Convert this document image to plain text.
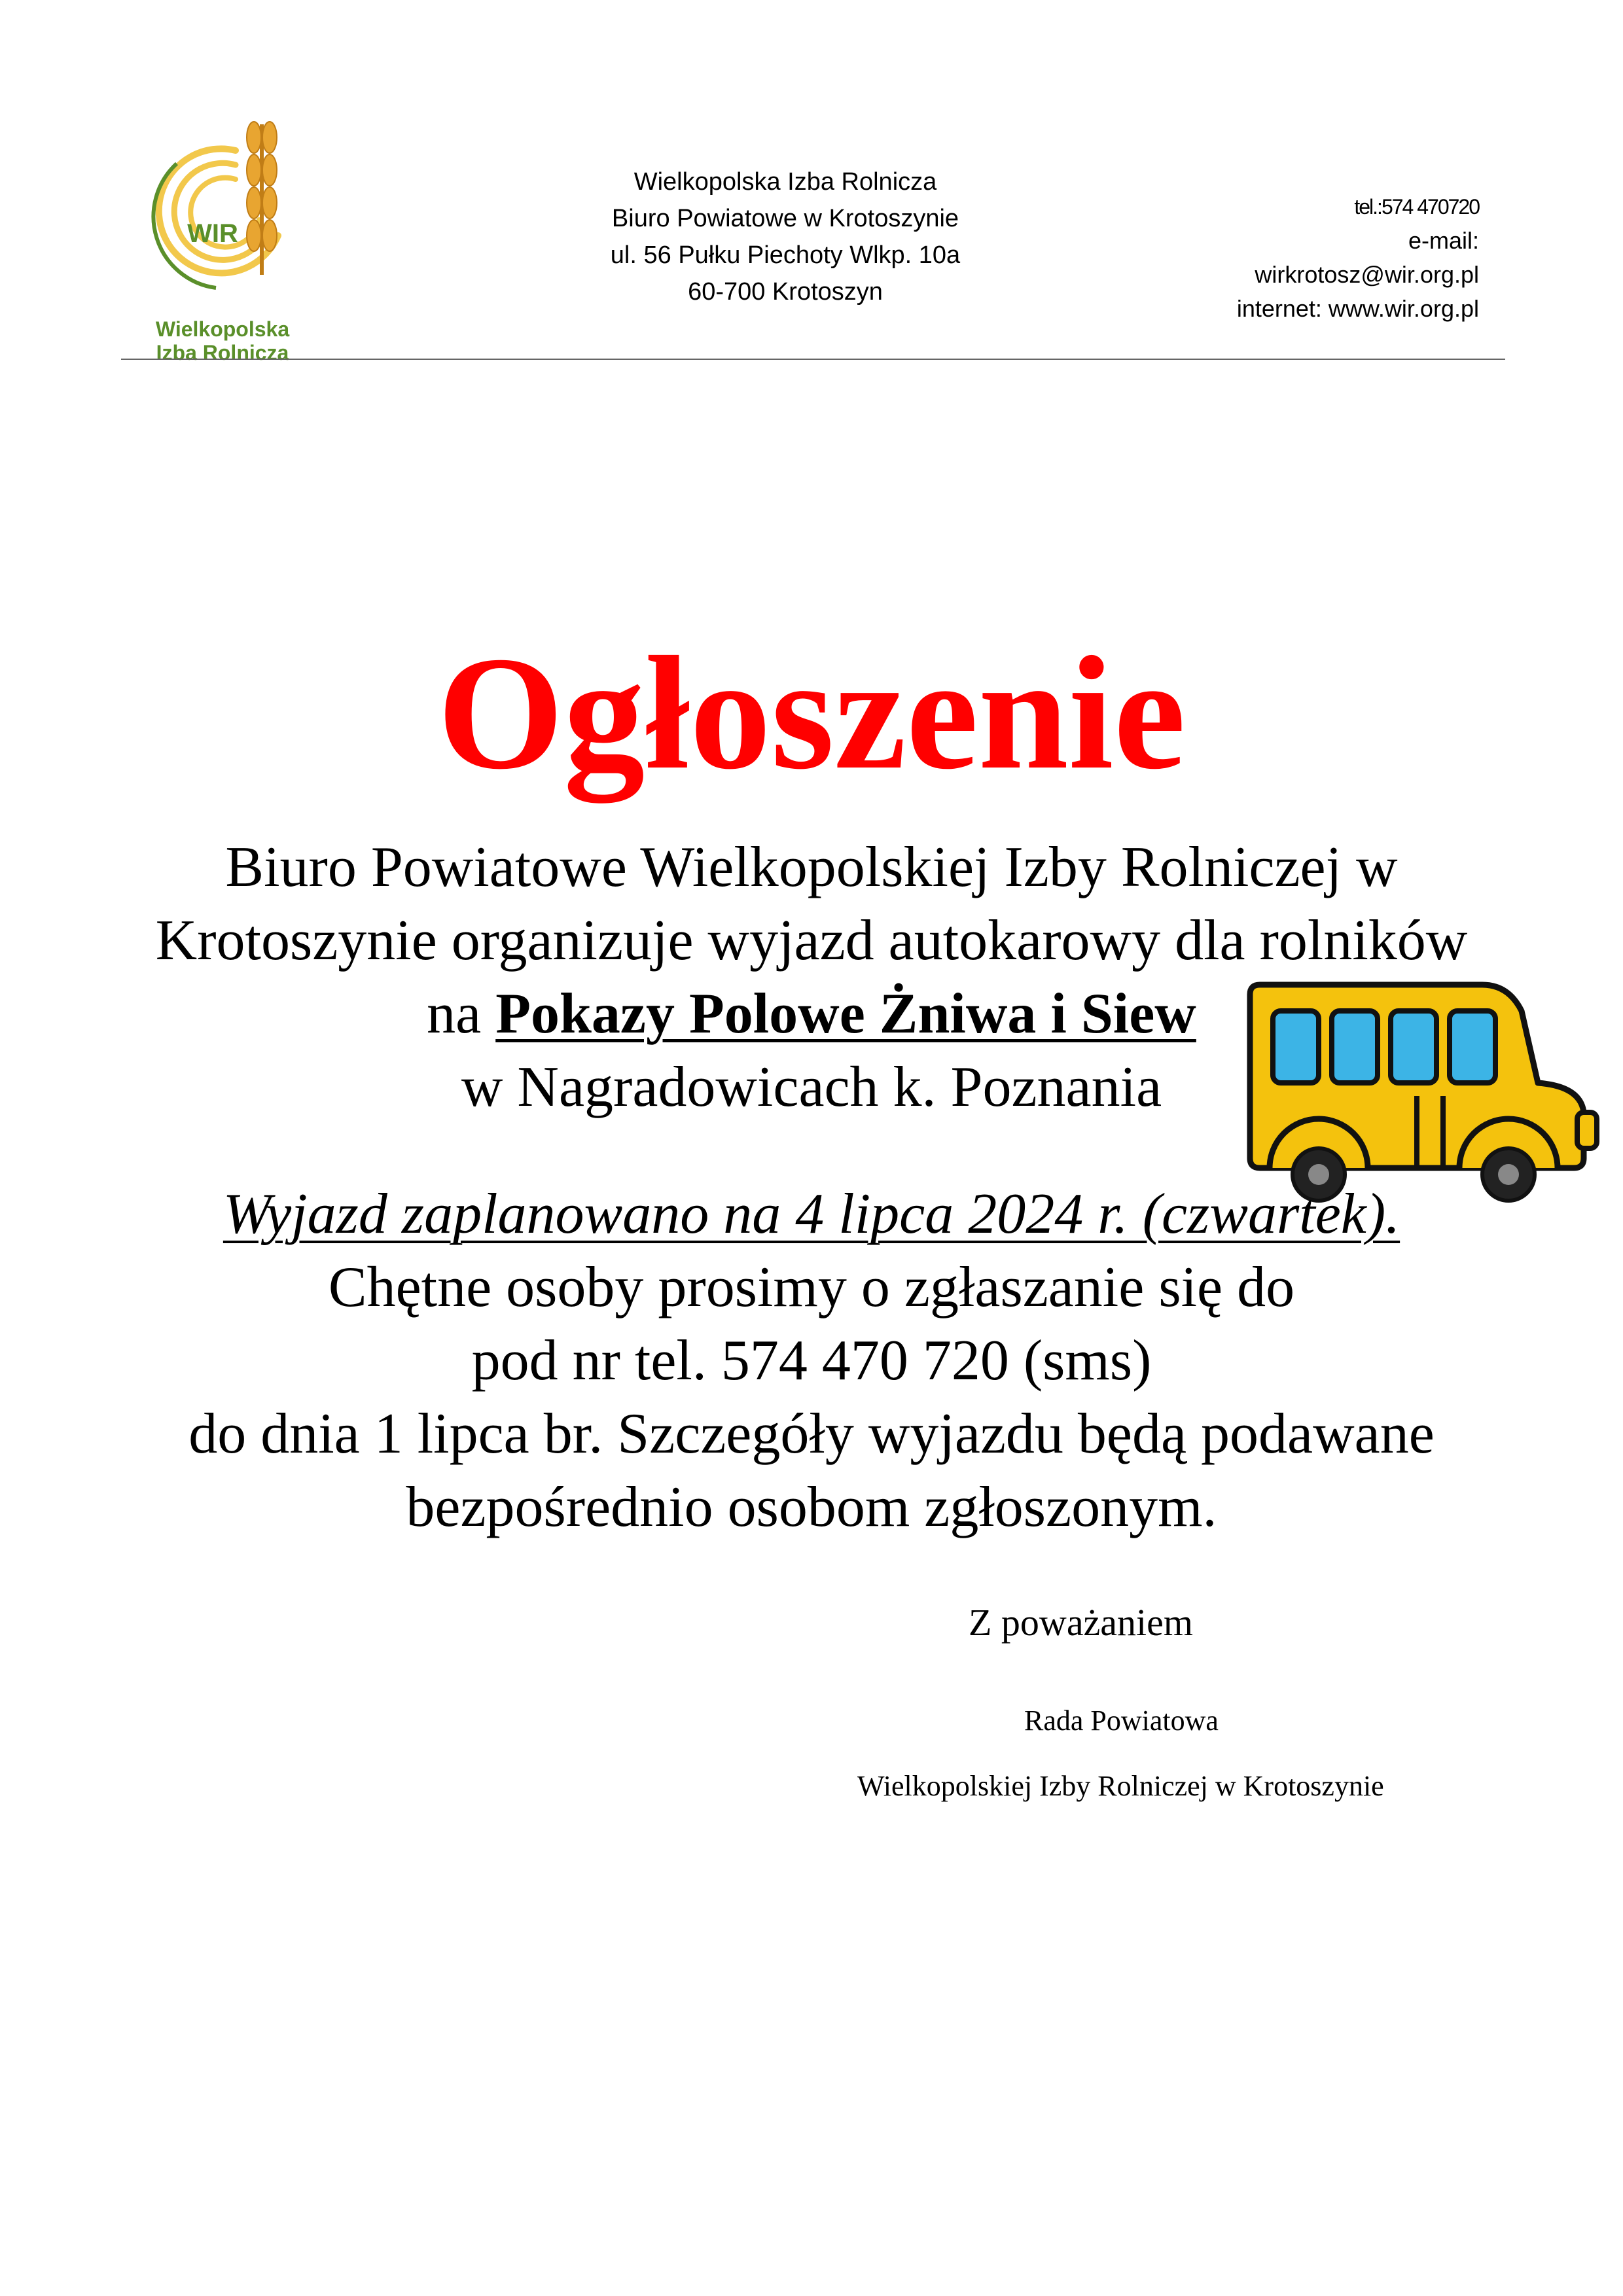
WIR
Wielkopolska
Izba Rolnicza
Wielkopolska Izba Rolnicza
Biuro Powiatowe w Krotoszynie
ul. 56 Pułku Piechoty Wlkp. 10a
60-700 Krotoszyn
tel.:574 470720
e-mail:
wirkrotosz@wir.org.pl
internet: www.wir.org.pl
Ogłoszenie
Biuro Powiatowe Wielkopolskiej Izby Rolniczej w
Krotoszynie organizuje wyjazd autokarowy dla rolników
na Pokazy Polowe Żniwa i Siew
w Nagradowicach k. Poznania
Wyjazd zaplanowano na 4 lipca 2024 r. (czwartek).
Chętne osoby prosimy o zgłaszanie się do
pod nr tel. 574 470 720 (sms)
do dnia 1 lipca br. Szczegóły wyjazdu będą podawane
bezpośrednio osobom zgłoszonym.
Z poważaniem
Rada Powiatowa
Wielkopolskiej Izby Rolniczej w Krotoszynie
